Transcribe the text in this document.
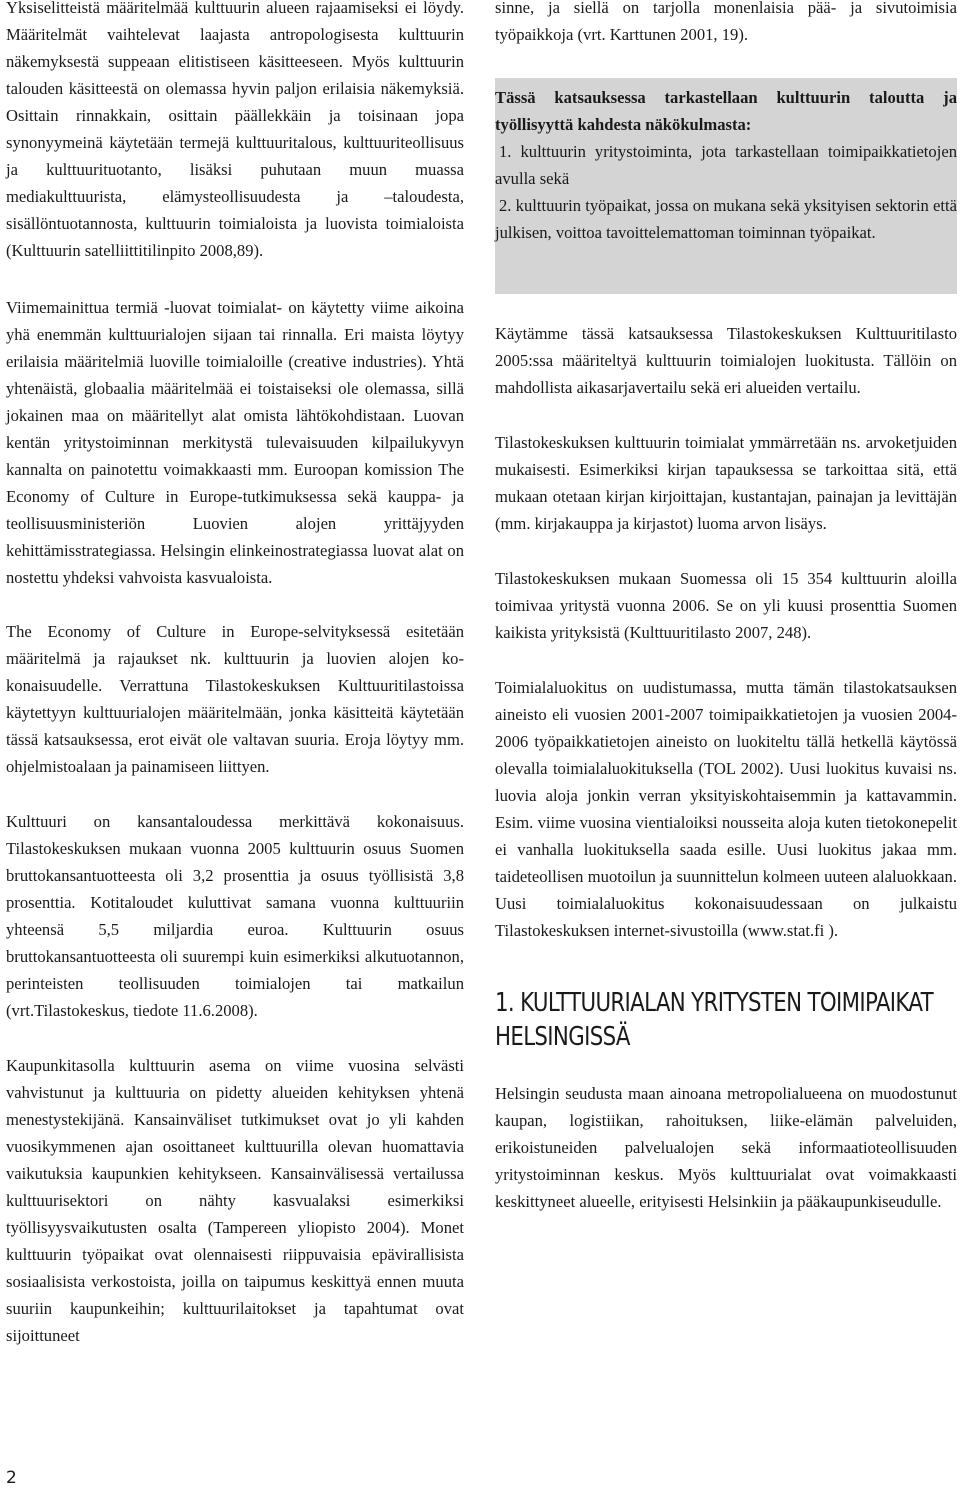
Yksiselitteistä määritelmää kulttuurin alueen rajaamiseksi ei löydy. Määritelmät vaihtelevat laajasta antropologisesta kulttuurin näkemyksestä suppeaan elitistiseen käsitteeseen. Myös kulttuurin talouden käsitteestä on olemassa hyvin paljon erilaisia näkemyksiä. Osittain rinnakkain, osittain päällekkäin ja toisinaan jopa synonyymeinä käytetään termejä kulttuuritalous, kulttuuriteollisuus ja kulttuurituotanto, lisäksi puhutaan muun muassa mediakulttuurista, elämysteollisuudesta ja –taloudesta, sisällöntuotannosta, kulttuurin toimialoista ja luovista toimialoista (Kulttuurin satelliittitilinpito 2008,89).

Viimemainittua termiä -luovat toimialat- on käytetty viime aikoina yhä enemmän kulttuurialojen sijaan tai rinnalla. Eri maista löytyy erilaisia määritelmiä luoville toimialoille (creative industries). Yhtä yhtenäistä, globaalia määritelmää ei toistaiseksi ole olemassa, sillä jokainen maa on määritellyt alat omista lähtökohdistaan. Luovan kentän yritystoiminnan merkitystä tulevaisuuden kilpailukyvyn kannalta on painotettu voimakkaasti mm. Euroopan komission The Economy of Culture in Europe-tutkimuksessa sekä kauppa- ja teollisuusministeriön Luovien alojen yrittäjyyden kehittämisstrategiassa. Helsingin elinkeinostrategiassa luovat alat on nostettu yhdeksi vahvoista kasvualoista.

The Economy of Culture in Europe-selvityksessä esitetään määritelmä ja rajaukset nk. kulttuurin ja luovien alojen kokonaisuudelle. Verrattuna Tilastokeskuksen Kulttuuritilastoissa käytettyyn kulttuurialojen määritelmään, jonka käsitteitä käytetään tässä katsauksessa, erot eivät ole valtavan suuria. Eroja löytyy mm. ohjelmistoalaan ja painamiseen liittyen.

Kulttuuri on kansantaloudessa merkittävä kokonaisuus. Tilastokeskuksen mukaan vuonna 2005 kulttuurin osuus Suomen bruttokansantuotteesta oli 3,2 prosenttia ja osuus työllisistä 3,8 prosenttia. Kotitaloudet kuluttivat samana vuonna kulttuuriin yhteensä 5,5 miljardia euroa. Kulttuurin osuus bruttokansantuotteesta oli suurempi kuin esimerkiksi alkutuotannon, perinteisten teollisuuden toimialojen tai matkailun (vrt.Tilastokeskus, tiedote 11.6.2008).

Kaupunkitasolla kulttuurin asema on viime vuosina selvästi vahvistunut ja kulttuuria on pidetty alueiden kehityksen yhtenä menestystekijänä. Kansainväliset tutkimukset ovat jo yli kahden vuosikymmenen ajan osoittaneet kulttuurilla olevan huomattavia vaikutuksia kaupunkien kehitykseen. Kansainvälisessä vertailussa kulttuurisektori on nähty kasvualaksi esimerkiksi työllisyysvaikutusten osalta (Tampereen yliopisto 2004). Monet kulttuurin työpaikat ovat olennaisesti riippuvaisia epävirallisista sosiaalisista verkostoista, joilla on taipumus keskittyä ennen muuta suuriin kaupunkeihin; kulttuurilaitokset ja tapahtumat ovat sijoittuneet

sinne, ja siellä on tarjolla monenlaisia pää- ja sivutoimisia työpaikkoja (vrt. Karttunen 2001, 19).

Tässä katsauksessa tarkastellaan kulttuurin taloutta ja työllisyyttä kahdesta näkökulmasta:
1. kulttuurin yritystoiminta, jota tarkastellaan toimipaikkatietojen avulla sekä
2. kulttuurin työpaikat, jossa on mukana sekä yksityisen sektorin että julkisen, voittoa tavoittelemattoman toiminnan työpaikat.

Käytämme tässä katsauksessa Tilastokeskuksen Kulttuuritilasto 2005:ssa määriteltyä kulttuurin toimialojen luokitusta. Tällöin on mahdollista aikasarjavertailu sekä eri alueiden vertailu.

Tilastokeskuksen kulttuurin toimialat ymmärretään ns. arvoketjuiden mukaisesti. Esimerkiksi kirjan tapauksessa se tarkoittaa sitä, että mukaan otetaan kirjan kirjoittajan, kustantajan, painajan ja levittäjän (mm. kirjakauppa ja kirjastot) luoma arvon lisäys.

Tilastokeskuksen mukaan Suomessa oli 15 354 kulttuurin aloilla toimivaa yritystä vuonna 2006. Se on yli kuusi prosenttia Suomen kaikista yrityksistä (Kulttuuritilasto 2007, 248).

Toimialaluokitus on uudistumassa, mutta tämän tilastokatsauksen aineisto eli vuosien 2001-2007 toimipaikkatietojen ja vuosien 2004-2006 työpaikkatietojen aineisto on luokiteltu tällä hetkellä käytössä olevalla toimialaluokituksella (TOL 2002). Uusi luokitus kuvaisi ns. luovia aloja jonkin verran yksityiskohtaisemmin ja kattavammin. Esim. viime vuosina vientialoiksi nousseita aloja kuten tietokonepelit ei vanhalla luokituksella saada esille. Uusi luokitus jakaa mm. taideteollisen muotoilun ja suunnittelun kolmeen uuteen alaluokkaan. Uusi toimialaluokitus kokonaisuudessaan on julkaistu Tilastokeskuksen internet-sivustoilla (www.stat.fi ).

1. KULTTUURIALAN YRITYSTEN TOIMIPAIKAT
HELSINGISSÄ

Helsingin seudusta maan ainoana metropolialueena on muodostunut kaupan, logistiikan, rahoituksen, liike-elämän palveluiden, erikoistuneiden palvelualojen sekä informaatioteollisuuden yritystoiminnan keskus. Myös kulttuurialat ovat voimakkaasti keskittyneet alueelle, erityisesti Helsinkiin ja pääkaupunkiseudulle.

2
